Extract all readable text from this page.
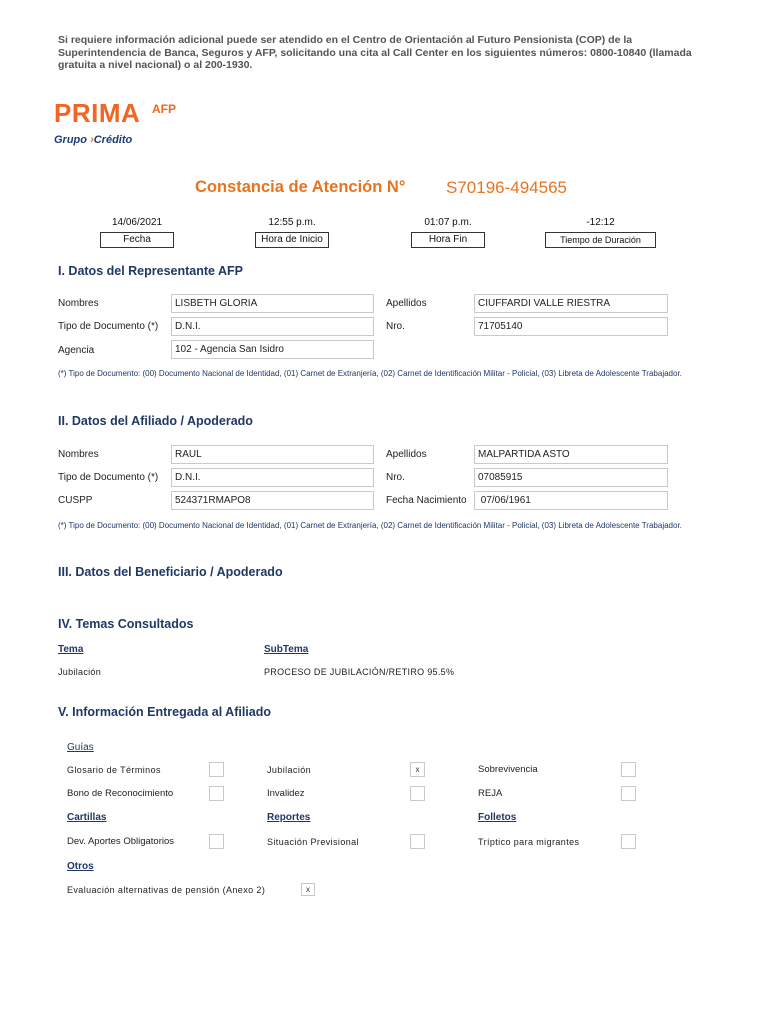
Si requiere información adicional puede ser atendido en el Centro de Orientación al Futuro Pensionista (COP) de la Superintendencia de Banca, Seguros y AFP, solicitando una cita al Call Center en los siguientes números: 0800-10840 (llamada gratuita a nivel nacional) o al 200-1930.
PRIMA AFP
Grupo ›Crédito
Constancia de Atención N° S70196-494565
14/06/2021
Fecha
12:55 p.m.
Hora de Inicio
01:07 p.m.
Hora Fin
-12:12
Tiempo de Duración
I. Datos del Representante AFP
Nombres	LISBETH GLORIA	Apellidos	CIUFFARDI VALLE RIESTRA
Tipo de Documento (*)	D.N.I.	Nro.	71705140
Agencia	102 - Agencia San Isidro
(*) Tipo de Documento: (00) Documento Nacional de Identidad, (01) Carnet de Extranjería, (02) Carnet de Identificación Militar - Policial, (03) Libreta de Adolescente Trabajador.
II. Datos del Afiliado / Apoderado
Nombres	RAUL	Apellidos	MALPARTIDA ASTO
Tipo de Documento (*)	D.N.I.	Nro.	07085915
CUSPP	524371RMAPO8	Fecha Nacimiento	07/06/1961
(*) Tipo de Documento: (00) Documento Nacional de Identidad, (01) Carnet de Extranjería, (02) Carnet de Identificación Militar - Policial, (03) Libreta de Adolescente Trabajador.
III. Datos del Beneficiario / Apoderado
IV. Temas Consultados
Tema	SubTema
Jubilación	PROCESO DE JUBILACIÓN/RETIRO 95.5%
V. Información Entregada al Afiliado
Guías
Glosario de Términos	Jubilación	x	Sobrevivencia
Bono de Reconocimiento	Invalidez	REJA
Cartillas	Reportes	Folletos
Dev. Aportes Obligatorios	Situación Previsional	Tríptico para migrantes
Otros
Evaluación alternativas de pensión (Anexo 2)	x
